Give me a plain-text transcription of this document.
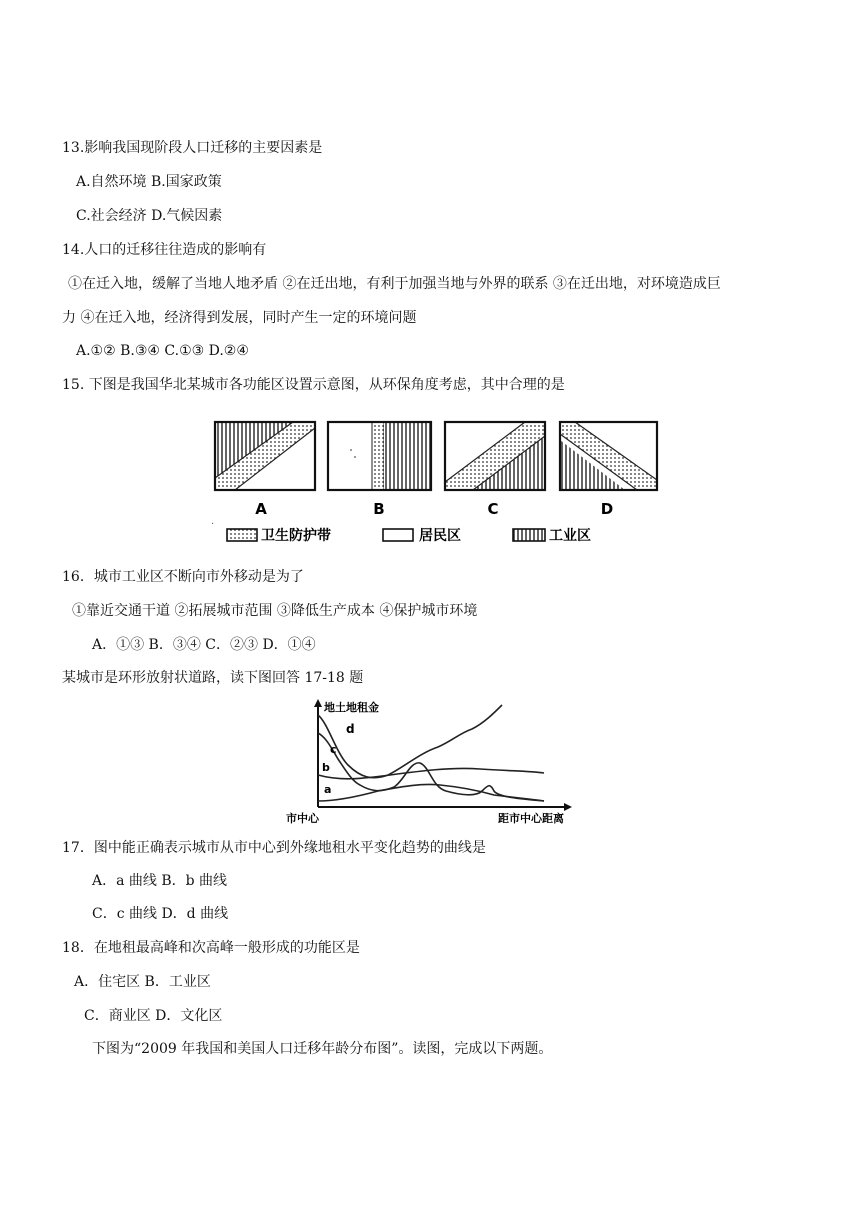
13.影响我国现阶段人口迁移的主要因素是
A.自然环境 B.国家政策
C.社会经济 D.气候因素
14.人口的迁移往往造成的影响有
①在迁入地，缓解了当地人地矛盾 ②在迁出地，有利于加强当地与外界的联系 ③在迁出地，对环境造成巨
力 ④在迁入地，经济得到发展，同时产生一定的环境问题
A.①② B.③④ C.①③ D.②④
15. 下图是我国华北某城市各功能区设置示意图，从环保角度考虑，其中合理的是
A	B	C	D
·
卫生防护带	居民区	工业区
16．城市工业区不断向市外移动是为了
①靠近交通干道 ②拓展城市范围 ③降低生产成本 ④保护城市环境
A．①③ B．③④ C．②③ D．①④
某城市是环形放射状道路，读下图回答 17-18 题
地土地租金
市中心	距市中心距离
a
b
c
d
17．图中能正确表示城市从市中心到外缘地租水平变化趋势的曲线是
A．a 曲线 B．b 曲线
C．c 曲线 D．d 曲线
18．在地租最高峰和次高峰一般形成的功能区是
A．住宅区 B．工业区
C．商业区 D．文化区
下图为“2009 年我国和美国人口迁移年龄分布图”。读图，完成以下两题。
